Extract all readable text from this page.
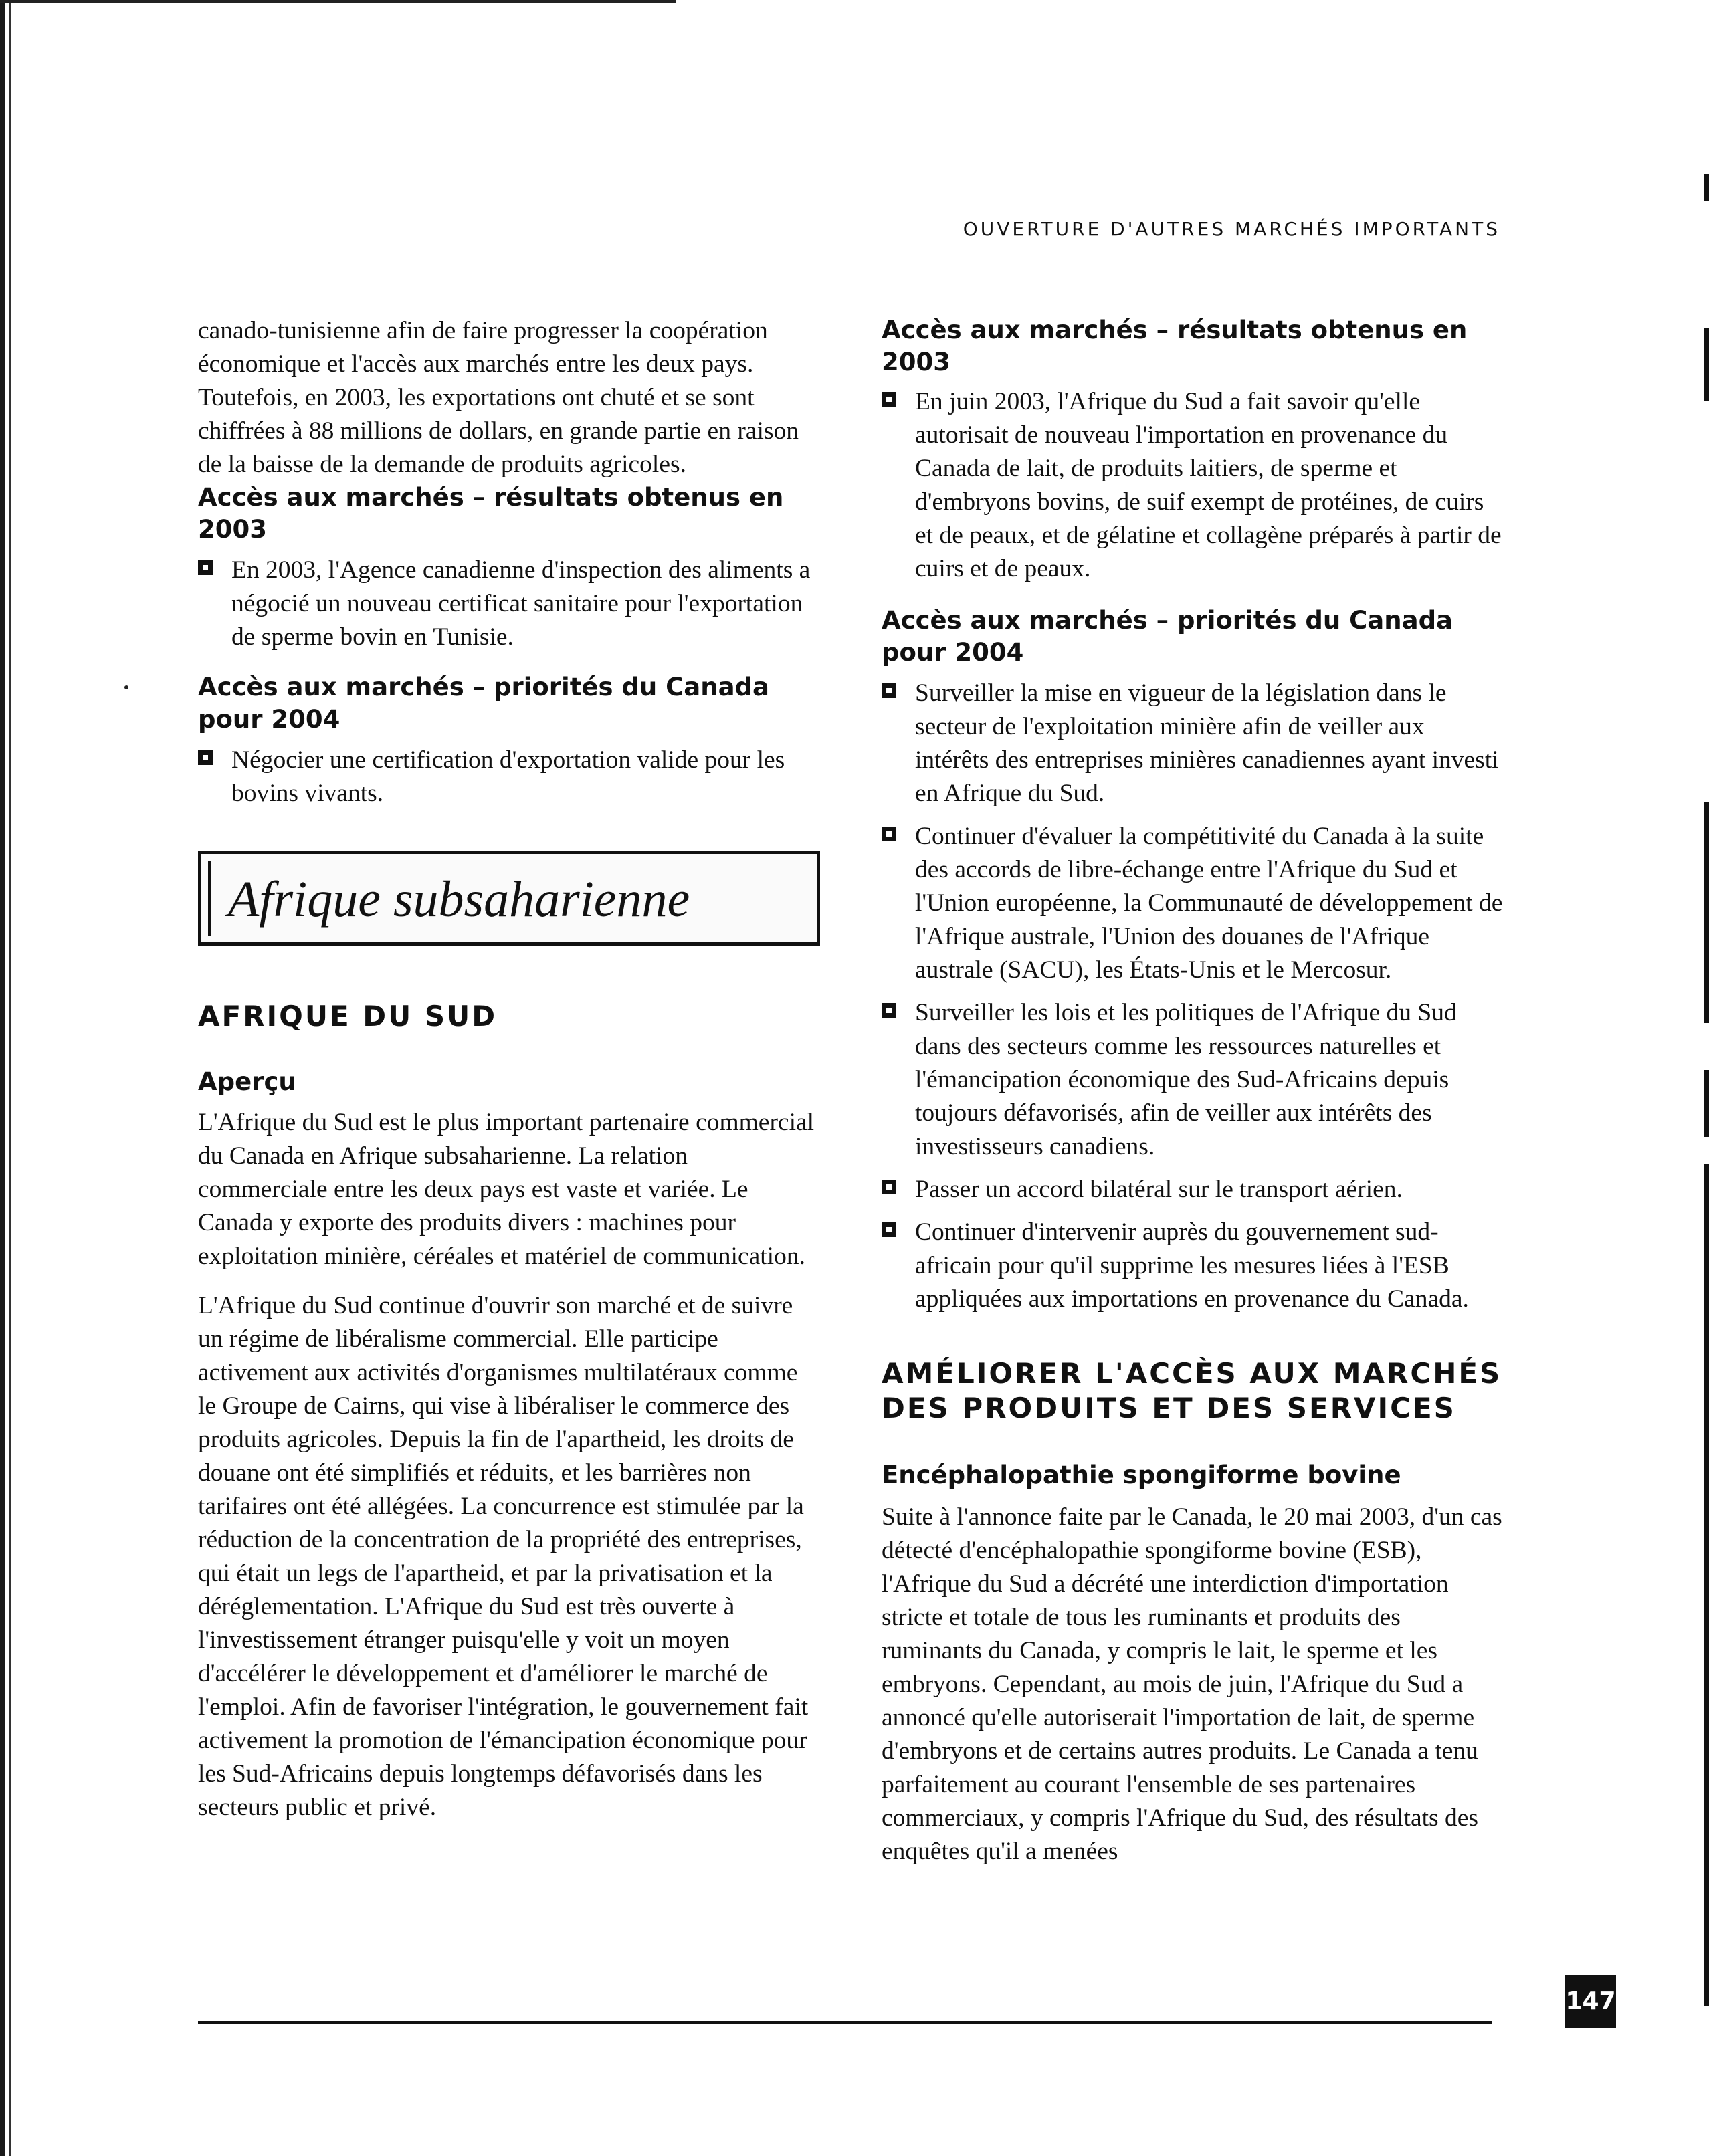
OUVERTURE D'AUTRES MARCHÉS IMPORTANTS

canado-tunisienne afin de faire progresser la coopération économique et l'accès aux marchés entre les deux pays. Toutefois, en 2003, les exportations ont chuté et se sont chiffrées à 88 millions de dollars, en grande partie en raison de la baisse de la demande de produits agricoles.

Accès aux marchés – résultats obtenus en 2003
En 2003, l'Agence canadienne d'inspection des aliments a négocié un nouveau certificat sanitaire pour l'exportation de sperme bovin en Tunisie.
Accès aux marchés – priorités du Canada pour 2004
Négocier une certification d'exportation valide pour les bovins vivants.
Afrique subsaharienne
AFRIQUE DU SUD
Aperçu

L'Afrique du Sud est le plus important partenaire commercial du Canada en Afrique subsaharienne. La relation commerciale entre les deux pays est vaste et variée. Le Canada y exporte des produits divers : machines pour exploitation minière, céréales et matériel de communication.

L'Afrique du Sud continue d'ouvrir son marché et de suivre un régime de libéralisme commercial. Elle participe activement aux activités d'organismes multilatéraux comme le Groupe de Cairns, qui vise à libéraliser le commerce des produits agricoles. Depuis la fin de l'apartheid, les droits de douane ont été simplifiés et réduits, et les barrières non tarifaires ont été allégées. La concurrence est stimulée par la réduction de la concentration de la propriété des entreprises, qui était un legs de l'apartheid, et par la privatisation et la déréglementation. L'Afrique du Sud est très ouverte à l'investissement étranger puisqu'elle y voit un moyen d'accélérer le développement et d'améliorer le marché de l'emploi. Afin de favoriser l'intégration, le gouvernement fait activement la promotion de l'émancipation économique pour les Sud-Africains depuis longtemps défavorisés dans les secteurs public et privé.

Accès aux marchés – résultats obtenus en 2003
En juin 2003, l'Afrique du Sud a fait savoir qu'elle autorisait de nouveau l'importation en provenance du Canada de lait, de produits laitiers, de sperme et d'embryons bovins, de suif exempt de protéines, de cuirs et de peaux, et de gélatine et collagène préparés à partir de cuirs et de peaux.
Accès aux marchés – priorités du Canada pour 2004
Surveiller la mise en vigueur de la législation dans le secteur de l'exploitation minière afin de veiller aux intérêts des entreprises minières canadiennes ayant investi en Afrique du Sud.
Continuer d'évaluer la compétitivité du Canada à la suite des accords de libre-échange entre l'Afrique du Sud et l'Union européenne, la Communauté de développement de l'Afrique australe, l'Union des douanes de l'Afrique australe (SACU), les États-Unis et le Mercosur.
Surveiller les lois et les politiques de l'Afrique du Sud dans des secteurs comme les ressources naturelles et l'émancipation économique des Sud-Africains depuis toujours défavorisés, afin de veiller aux intérêts des investisseurs canadiens.
Passer un accord bilatéral sur le transport aérien.
Continuer d'intervenir auprès du gouvernement sud-africain pour qu'il supprime les mesures liées à l'ESB appliquées aux importations en provenance du Canada.
AMÉLIORER L'ACCÈS AUX MARCHÉS DES PRODUITS ET DES SERVICES
Encéphalopathie spongiforme bovine

Suite à l'annonce faite par le Canada, le 20 mai 2003, d'un cas détecté d'encéphalopathie spongiforme bovine (ESB), l'Afrique du Sud a décrété une interdiction d'importation stricte et totale de tous les ruminants et produits des ruminants du Canada, y compris le lait, le sperme et les embryons. Cependant, au mois de juin, l'Afrique du Sud a annoncé qu'elle autoriserait l'importation de lait, de sperme d'embryons et de certains autres produits. Le Canada a tenu parfaitement au courant l'ensemble de ses partenaires commerciaux, y compris l'Afrique du Sud, des résultats des enquêtes qu'il a menées

147
